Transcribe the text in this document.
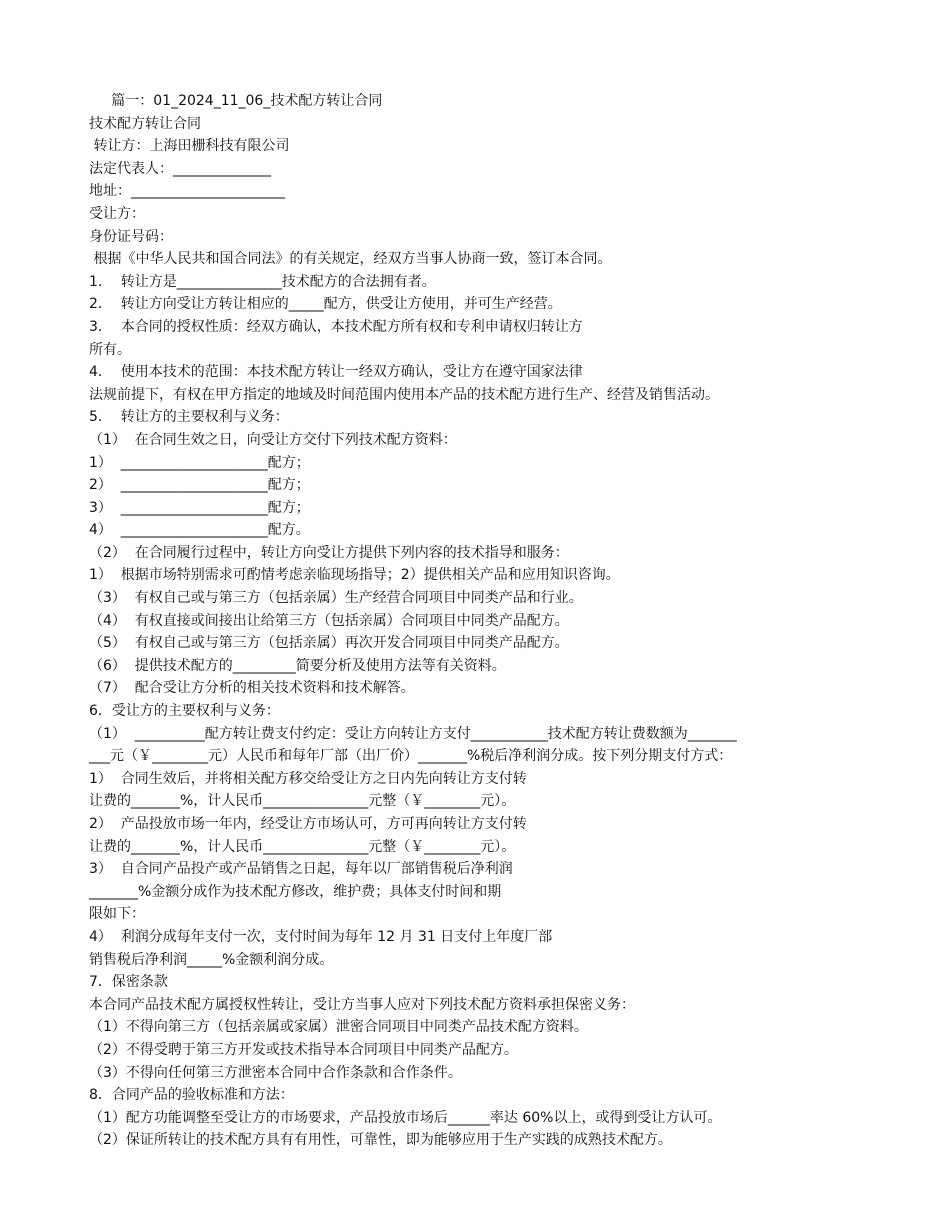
篇一：01_2024_11_06_技术配方转让合同
技术配方转让合同
转让方：上海田栅科技有限公司
法定代表人：______________
地址：______________________
受让方：
身份证号码：
根据《中华人民共和国合同法》的有关规定，经双方当事人协商一致，签订本合同。
1．  转让方是_______________技术配方的合法拥有者。
2．  转让方向受让方转让相应的_____配方，供受让方使用，并可生产经营。
3．  本合同的授权性质：经双方确认，本技术配方所有权和专利申请权归转让方
所有。
4．  使用本技术的范围：本技术配方转让一经双方确认，受让方在遵守国家法律
法规前提下，有权在甲方指定的地域及时间范围内使用本产品的技术配方进行生产、经营及销售活动。
5．  转让方的主要权利与义务：
（1）  在合同生效之日，向受让方交付下列技术配方资料：
1）  _____________________配方；
2）  _____________________配方；
3）  _____________________配方；
4）  _____________________配方。
（2）  在合同履行过程中，转让方向受让方提供下列内容的技术指导和服务：
1）  根据市场特别需求可酌情考虑亲临现场指导；2）提供相关产品和应用知识咨询。
（3）  有权自己或与第三方（包括亲属）生产经营合同项目中同类产品和行业。
（4）  有权直接或间接出让给第三方（包括亲属）合同项目中同类产品配方。
（5）  有权自己或与第三方（包括亲属）再次开发合同项目中同类产品配方。
（6）  提供技术配方的_________简要分析及使用方法等有关资料。
（7）  配合受让方分析的相关技术资料和技术解答。
6．受让方的主要权利与义务：
（1）  __________配方转让费支付约定：受让方向转让方支付___________技术配方转让费数额为_______
___元（￥________元）人民币和每年厂部（出厂价）_______%税后净利润分成。按下列分期支付方式：
1）  合同生效后，并将相关配方移交给受让方之日内先向转让方支付转
让费的_______%，计人民币_______________元整（￥________元）。
2）  产品投放市场一年内，经受让方市场认可，方可再向转让方支付转
让费的_______%，计人民币_______________元整（￥________元）。
3）  自合同产品投产或产品销售之日起，每年以厂部销售税后净利润
_______%金额分成作为技术配方修改，维护费；具体支付时间和期
限如下：
4）  利润分成每年支付一次，支付时间为每年 12 月 31 日支付上年度厂部
销售税后净利润_____%金额利润分成。
7．保密条款
本合同产品技术配方属授权性转让，受让方当事人应对下列技术配方资料承担保密义务：
（1）不得向第三方（包括亲属或家属）泄密合同项目中同类产品技术配方资料。
（2）不得受聘于第三方开发或技术指导本合同项目中同类产品配方。
（3）不得向任何第三方泄密本合同中合作条款和合作条件。
8．合同产品的验收标准和方法：
（1）配方功能调整至受让方的市场要求，产品投放市场后______率达 60%以上，或得到受让方认可。
（2）保证所转让的技术配方具有有用性，可靠性，即为能够应用于生产实践的成熟技术配方。
